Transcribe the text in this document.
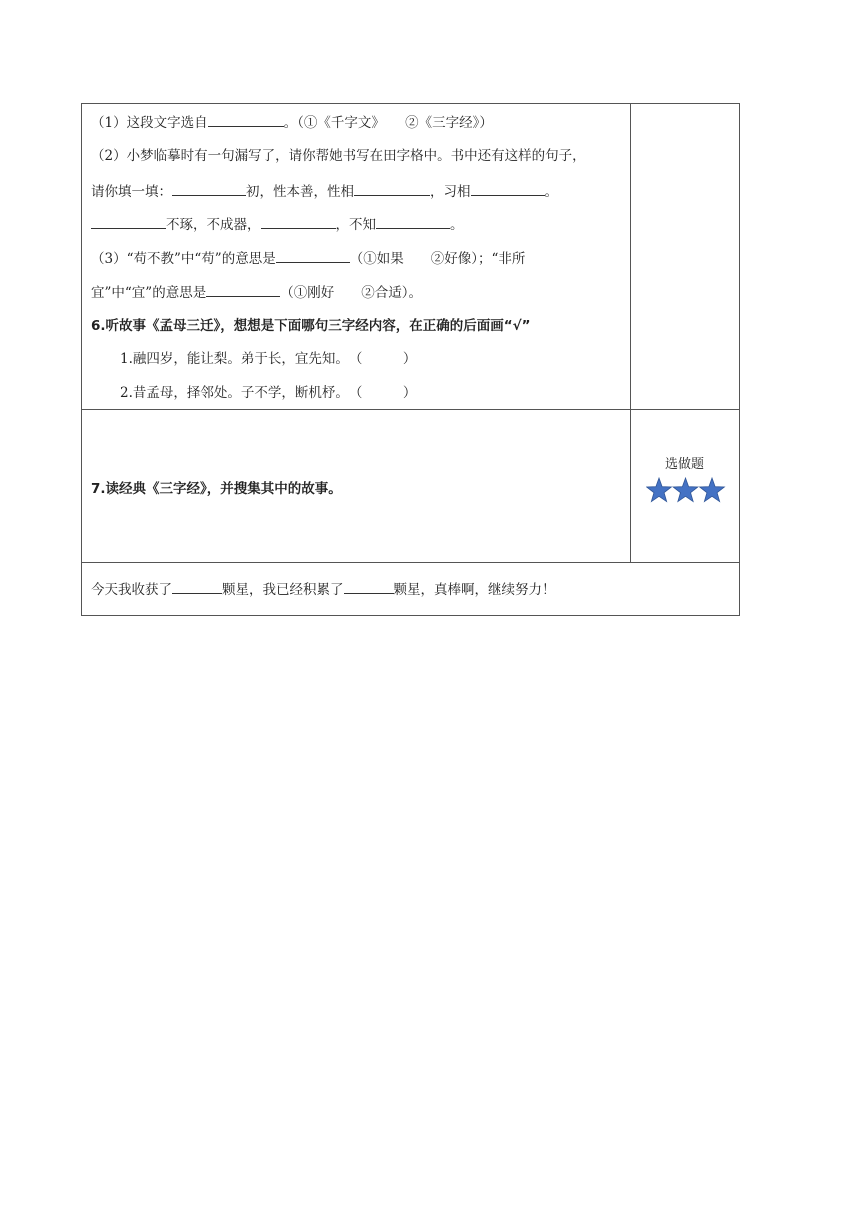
（1）这段文字选自	。（①《千字文》　　②《三字经》）
（2）小梦临摹时有一句漏写了，请你帮她书写在田字格中。书中还有这样的句子，
请你填一填：	初，性本善，性相	，习相	。
不琢，不成器，	，不知	。
（3）“苟不教”中“苟”的意思是	（①如果　　②好像）；“非所
宜”中“宜”的意思是	（①刚好　　②合适）。
6.听故事《孟母三迁》，想想是下面哪句三字经内容，在正确的后面画“√”
1.融四岁，能让梨。弟于长，宜先知。　 （　　　）
2.昔孟母，择邻处。子不学，断机杼。　 （　　　）
7.读经典《三字经》，并搜集其中的故事。
选做题
今天我收获了	颗星，我已经积累了	颗星，真棒啊，继续努力！
